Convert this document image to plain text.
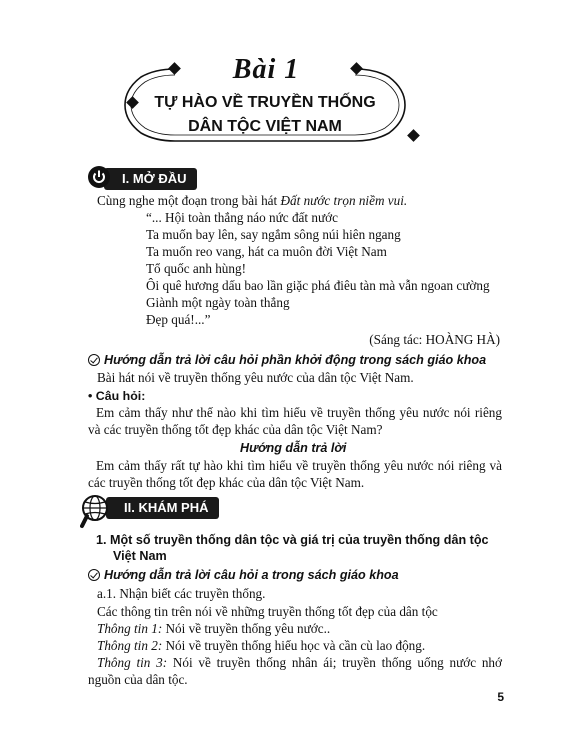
Bài 1
TỰ HÀO VỀ TRUYỀN THỐNG
DÂN TỘC VIỆT NAM
I. MỞ ĐẦU
Cùng nghe một đoạn trong bài hát Đất nước trọn niềm vui.
“... Hội toàn thắng náo nức đất nước
Ta muốn bay lên, say ngắm sông núi hiên ngang
Ta muốn reo vang, hát ca muôn đời Việt Nam
Tổ quốc anh hùng!
Ôi quê hương dấu bao lần giặc phá điêu tàn mà vẫn ngoan cường
Giành một ngày toàn thắng
Đẹp quá!...”
(Sáng tác: HOÀNG HÀ)
Hướng dẫn trả lời câu hỏi phần khởi động trong sách giáo khoa
Bài hát nói về truyền thống yêu nước của dân tộc Việt Nam.
• Câu hỏi:
Em cảm thấy như thế nào khi tìm hiểu về truyền thống yêu nước nói riêng và các truyền thống tốt đẹp khác của dân tộc Việt Nam?
Hướng dẫn trả lời
Em cảm thấy rất tự hào khi tìm hiểu về truyền thống yêu nước nói riêng và các truyền thống tốt đẹp khác của dân tộc Việt Nam.
II. KHÁM PHÁ
1. Một số truyền thống dân tộc và giá trị của truyền thống dân tộc
Việt Nam
Hướng dẫn trả lời câu hỏi a trong sách giáo khoa
a.1. Nhận biết các truyền thống.
Các thông tin trên nói về những truyền thống tốt đẹp của dân tộc
Thông tin 1: Nói về truyền thống yêu nước..
Thông tin 2: Nói về truyền thống hiếu học và cần cù lao động.
Thông tin 3: Nói về truyền thống nhân ái; truyền thống uống nước nhớ nguồn của dân tộc.
5
